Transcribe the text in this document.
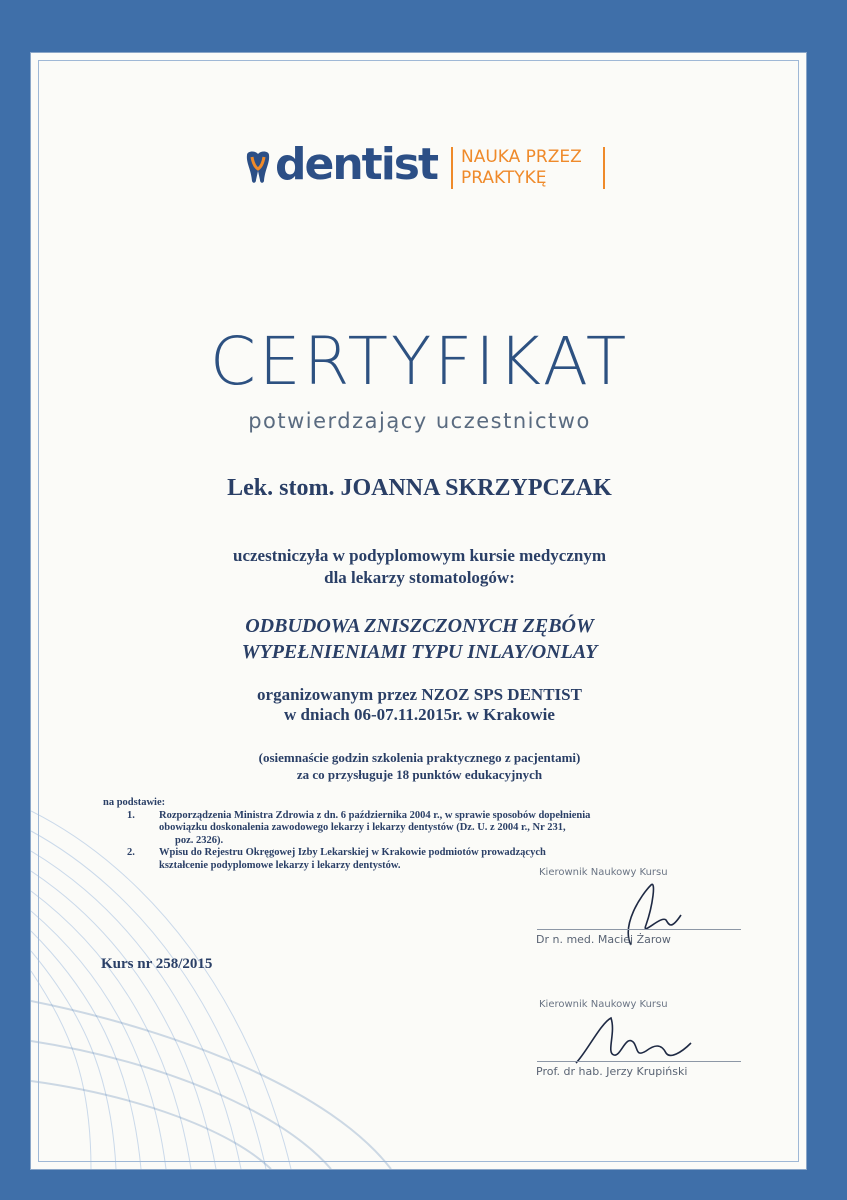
dentist NAUKA PRZEZ
PRAKTYKĘ
CERTYFIKAT
potwierdzający uczestnictwo
Lek. stom. JOANNA SKRZYPCZAK
uczestniczyła w podyplomowym kursie medycznym
dla lekarzy stomatologów:
ODBUDOWA ZNISZCZONYCH ZĘBÓW
WYPEŁNIENIAMI TYPU INLAY/ONLAY
organizowanym przez NZOZ SPS DENTIST
w dniach 06-07.11.2015r. w Krakowie
(osiemnaście godzin szkolenia praktycznego z pacjentami)
za co przysługuje 18 punktów edukacyjnych
na podstawie:
1. Rozporządzenia Ministra Zdrowia z dn. 6 października 2004 r., w sprawie sposobów dopełnienia
obowiązku doskonalenia zawodowego lekarzy i lekarzy dentystów (Dz. U. z 2004 r., Nr 231,
poz. 2326).
2. Wpisu do Rejestru Okręgowej Izby Lekarskiej w Krakowie podmiotów prowadzących
kształcenie podyplomowe lekarzy i lekarzy dentystów.
Kurs nr 258/2015
Kierownik Naukowy Kursu
Dr n. med. Maciej Żarow
Kierownik Naukowy Kursu
Prof. dr hab. Jerzy Krupiński
